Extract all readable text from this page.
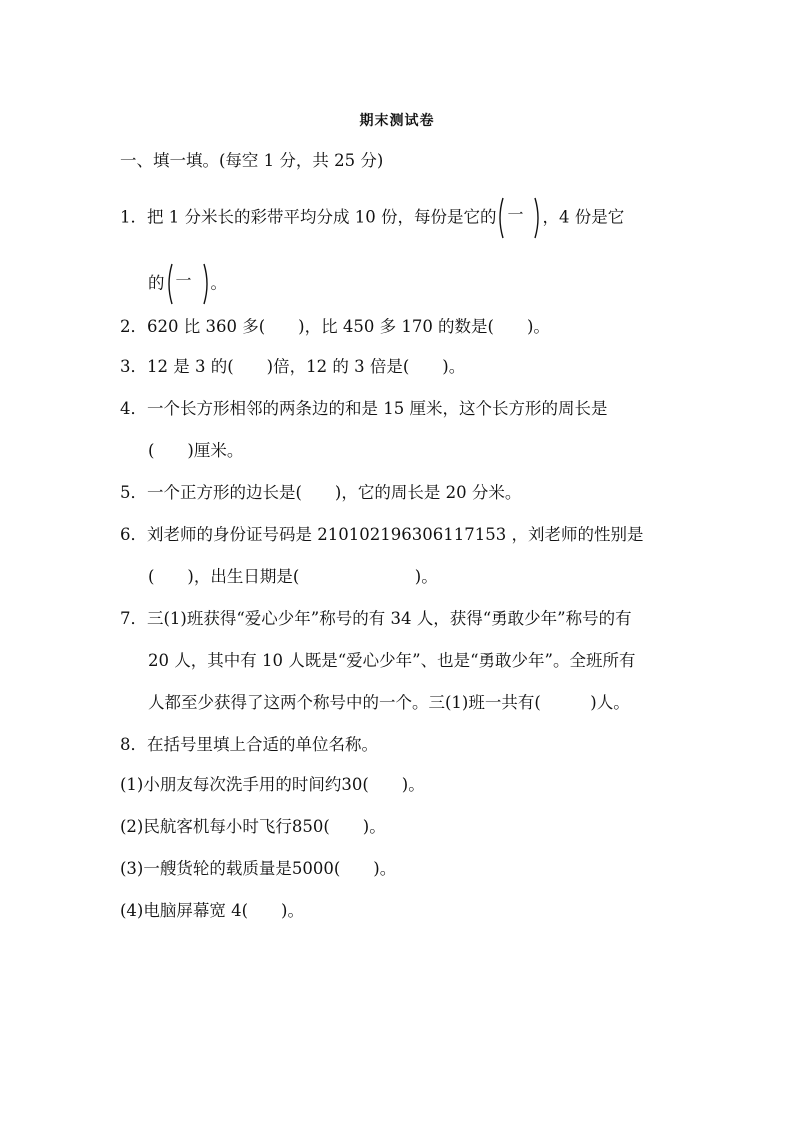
期末测试卷
一、填一填。(每空 1 分，共 25 分)
1．把 1 分米长的彩带平均分成 10 份，每份是它的 一 ，4 份是它
的 一 。
2．620 比 360 多(　　)，比 450 多 170 的数是(　　)。
3．12 是 3 的(　　)倍，12 的 3 倍是(　　)。
4．一个长方形相邻的两条边的和是 15 厘米，这个长方形的周长是
(　　)厘米。
5．一个正方形的边长是(　　)，它的周长是 20 分米。
6．刘老师的身份证号码是 210102196306117153 ，刘老师的性别是
(　　)，出生日期是(　　　　　　　)。
7．三(1)班获得“爱心少年”称号的有 34 人，获得“勇敢少年”称号的有
20 人，其中有 10 人既是“爱心少年”、也是“勇敢少年”。全班所有
人都至少获得了这两个称号中的一个。三(1)班一共有(　　　)人。
8．在括号里填上合适的单位名称。
(1)小朋友每次洗手用的时间约30(　　)。
(2)民航客机每小时飞行850(　　)。
(3)一艘货轮的载质量是5000(　　)。
(4)电脑屏幕宽 4(　　)。
